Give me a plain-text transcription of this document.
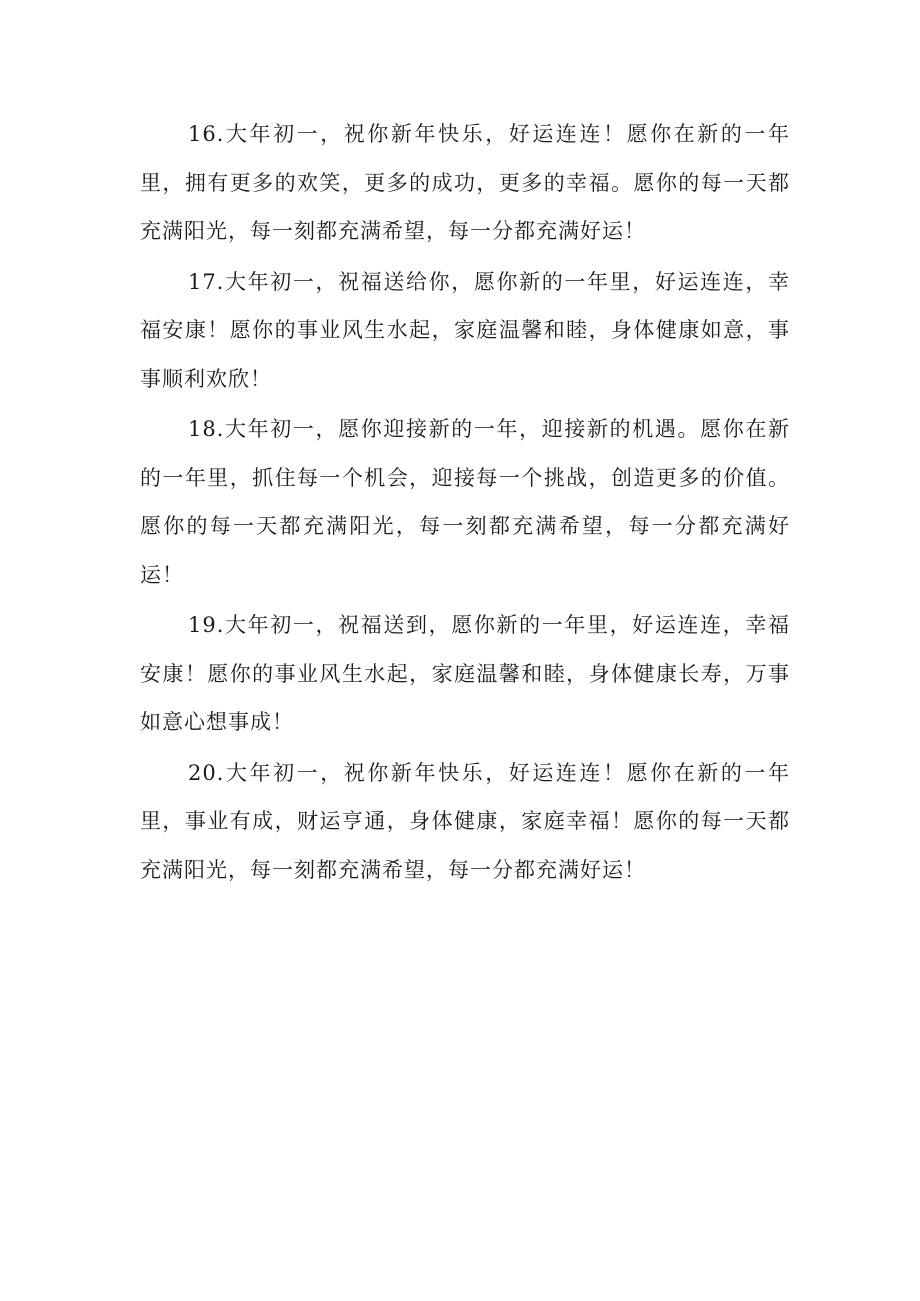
16.大年初一，祝你新年快乐，好运连连！愿你在新的一年里，拥有更多的欢笑，更多的成功，更多的幸福。愿你的每一天都充满阳光，每一刻都充满希望，每一分都充满好运！

17.大年初一，祝福送给你，愿你新的一年里，好运连连，幸福安康！愿你的事业风生水起，家庭温馨和睦，身体健康如意，事事顺利欢欣！

18.大年初一，愿你迎接新的一年，迎接新的机遇。愿你在新的一年里，抓住每一个机会，迎接每一个挑战，创造更多的价值。愿你的每一天都充满阳光，每一刻都充满希望，每一分都充满好运！

19.大年初一，祝福送到，愿你新的一年里，好运连连，幸福安康！愿你的事业风生水起，家庭温馨和睦，身体健康长寿，万事如意心想事成！

20.大年初一，祝你新年快乐，好运连连！愿你在新的一年里，事业有成，财运亨通，身体健康，家庭幸福！愿你的每一天都充满阳光，每一刻都充满希望，每一分都充满好运！
